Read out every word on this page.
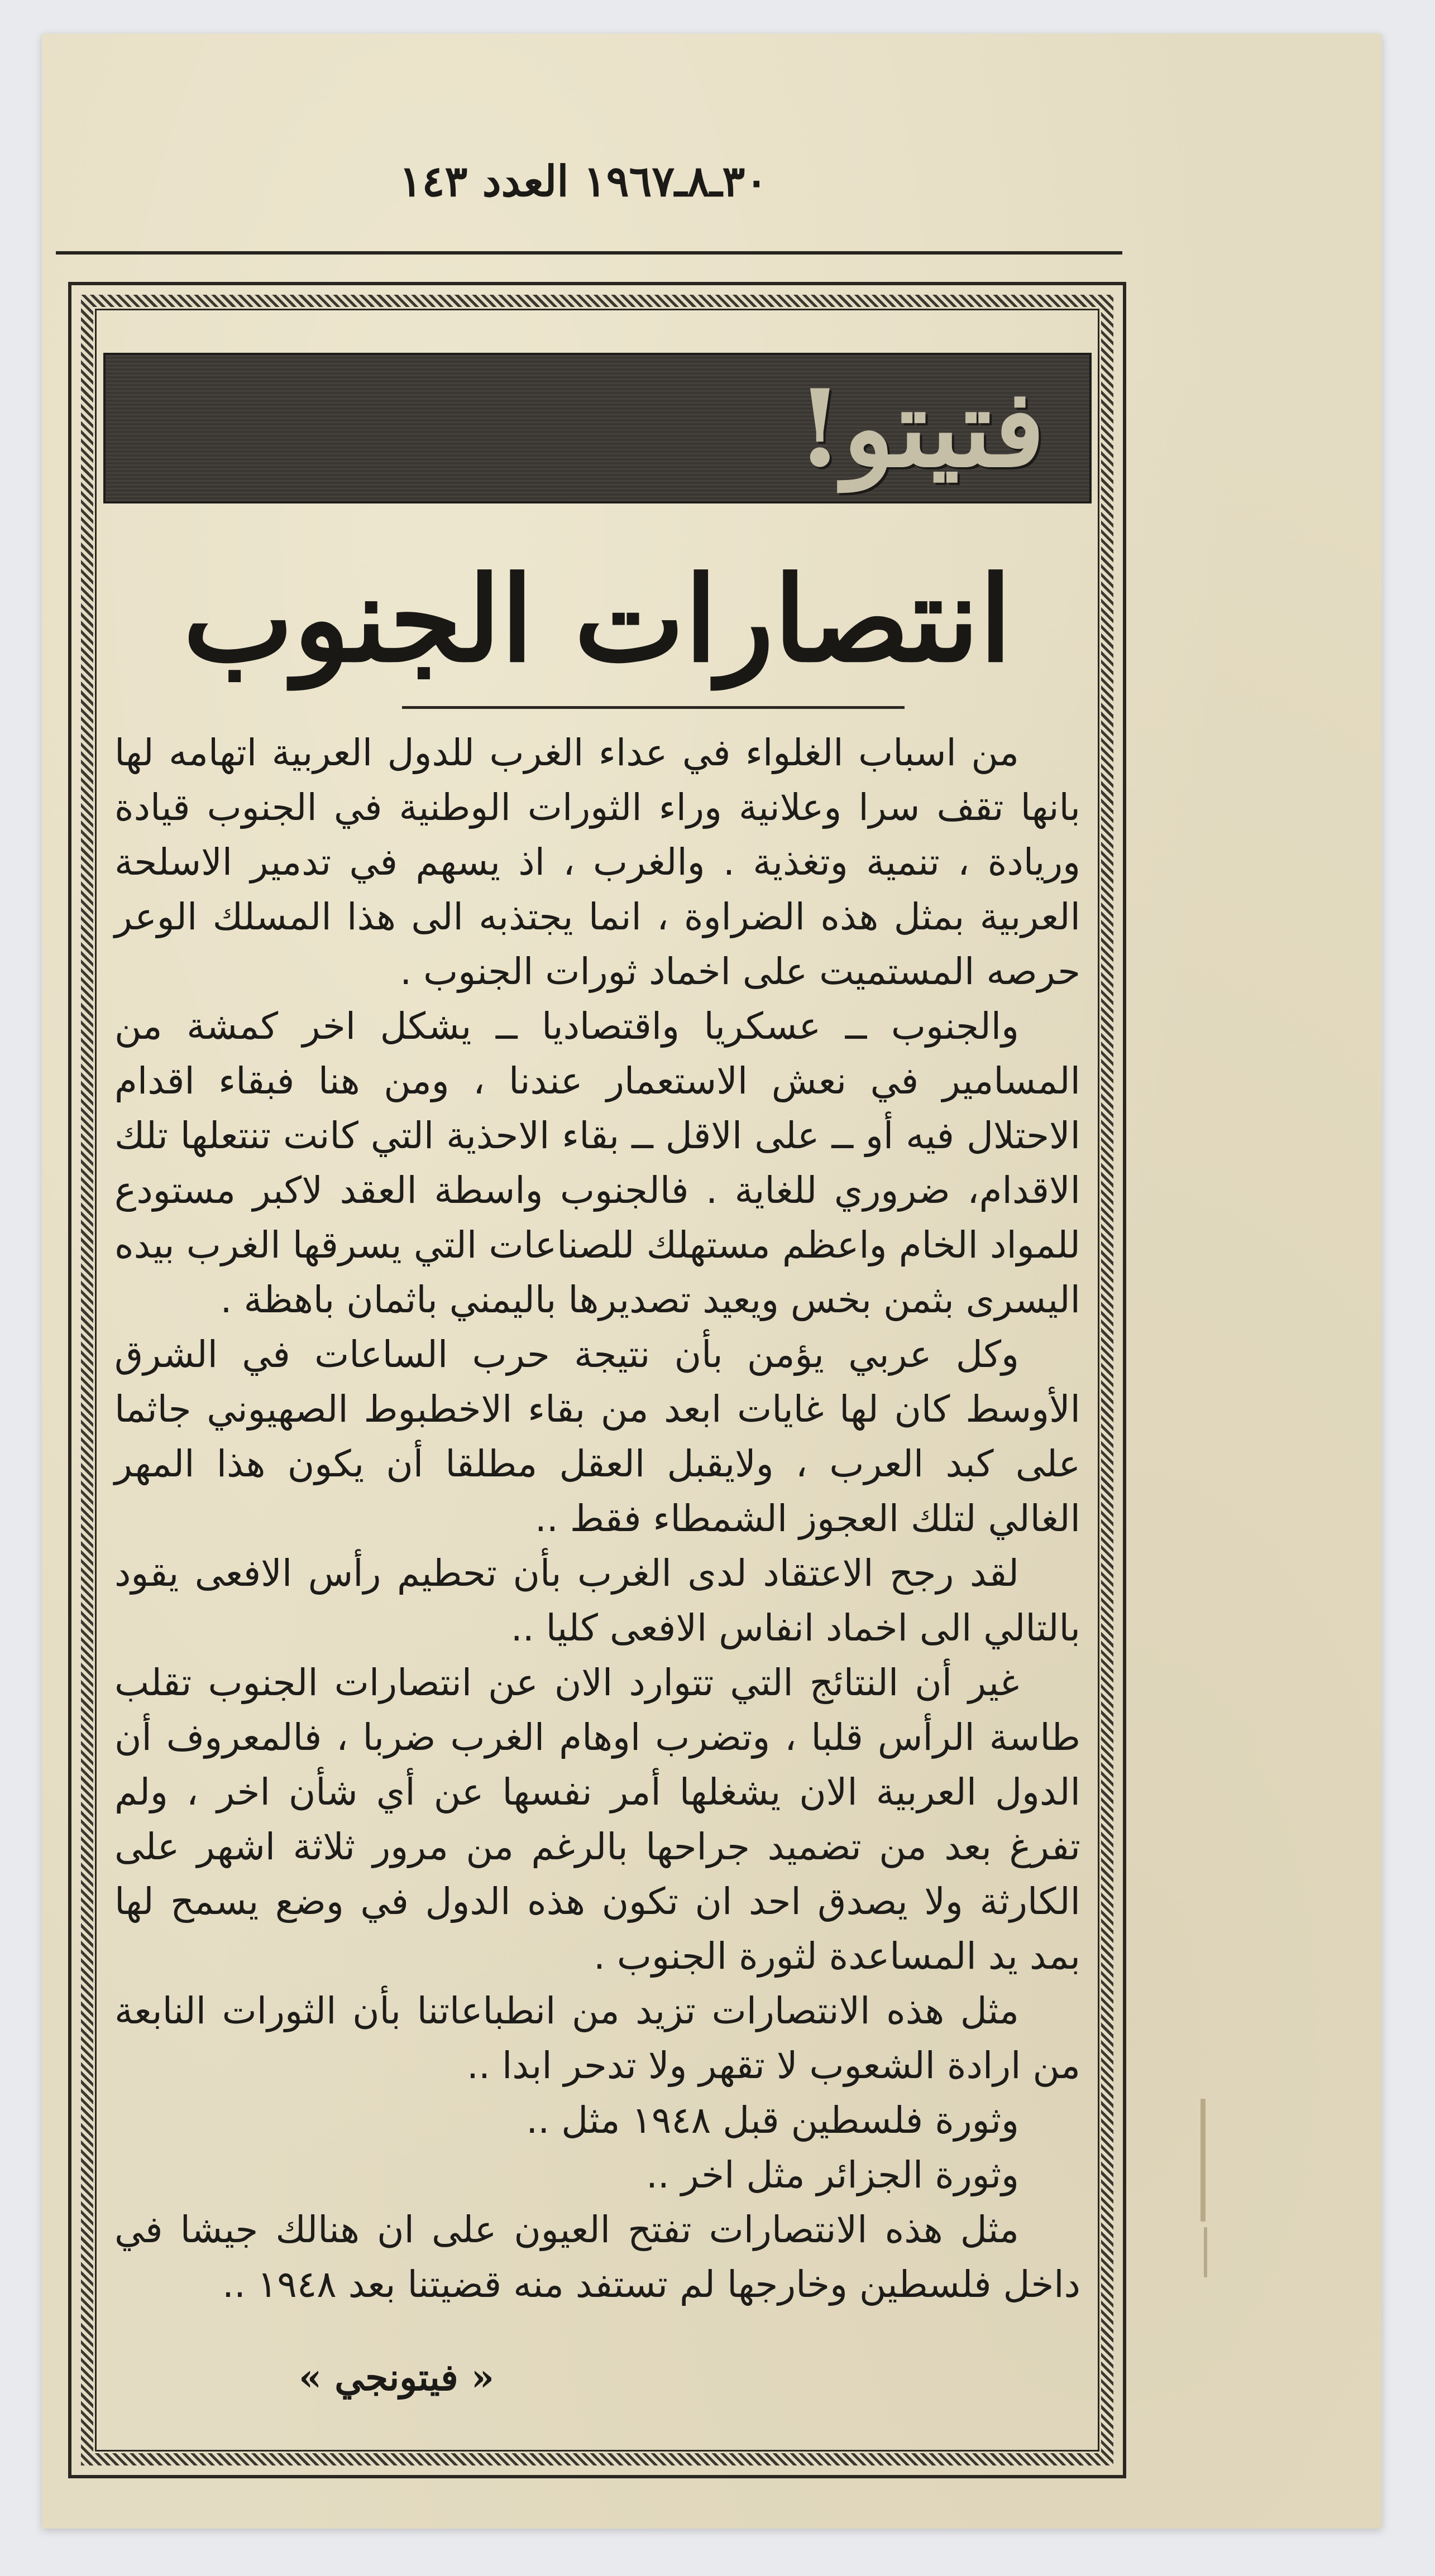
٣٠ـ٨ـ١٩٦٧ العدد ١٤٣
فتيتو!
انتصارات الجنوب

من اسباب الغلواء في عداء الغرب للدول العربية اتهامه لها بانها تقف سرا وعلانية وراء الثورات الوطنية في الجنوب قيادة وريادة ، تنمية وتغذية . والغرب ، اذ يسهم في تدمير الاسلحة العربية بمثل هذه الضراوة ، انما يجتذبه الى هذا المسلك الوعر حرصه المستميت على اخماد ثورات الجنوب .

والجنوب ــ عسكريا واقتصاديا ــ يشكل اخر كمشة من المسامير في نعش الاستعمار عندنا ، ومن هنا فبقاء اقدام الاحتلال فيه أو ــ على الاقل ــ بقاء الاحذية التي كانت تنتعلها تلك الاقدام، ضروري للغاية . فالجنوب واسطة العقد لاكبر مستودع للمواد الخام واعظم مستهلك للصناعات التي يسرقها الغرب بيده اليسرى بثمن بخس ويعيد تصديرها باليمني باثمان باهظة .

وكل عربي يؤمن بأن نتيجة حرب الساعات في الشرق الأوسط كان لها غايات ابعد من بقاء الاخطبوط الصهيوني جاثما على كبد العرب ، ولايقبل العقل مطلقا أن يكون هذا المهر الغالي لتلك العجوز الشمطاء فقط ..

لقد رجح الاعتقاد لدى الغرب بأن تحطيم رأس الافعى يقود بالتالي الى اخماد انفاس الافعى كليا ..

غير أن النتائج التي تتوارد الان عن انتصارات الجنوب تقلب طاسة الرأس قلبا ، وتضرب اوهام الغرب ضربا ، فالمعروف أن الدول العربية الان يشغلها أمر نفسها عن أي شأن اخر ، ولم تفرغ بعد من تضميد جراحها بالرغم من مرور ثلاثة اشهر على الكارثة ولا يصدق احد ان تكون هذه الدول في وضع يسمح لها بمد يد المساعدة لثورة الجنوب .

مثل هذه الانتصارات تزيد من انطباعاتنا بأن الثورات النابعة من ارادة الشعوب لا تقهر ولا تدحر ابدا ..

وثورة فلسطين قبل ١٩٤٨ مثل ..

وثورة الجزائر مثل اخر ..

مثل هذه الانتصارات تفتح العيون على ان هنالك جيشا في داخل فلسطين وخارجها لم تستفد منه قضيتنا بعد ١٩٤٨ ..

« فيتونجي »
